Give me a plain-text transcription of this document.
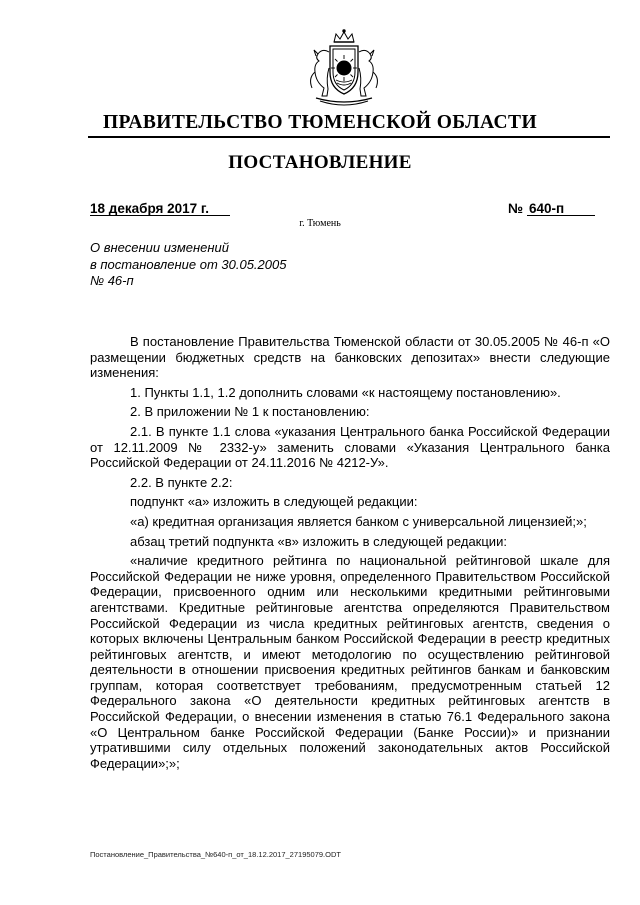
ПРАВИТЕЛЬСТВО ТЮМЕНСКОЙ ОБЛАСТИ
ПОСТАНОВЛЕНИЕ
18 декабря 2017 г.	№ 640-п
г. Тюмень
О внесении изменений
в постановление от 30.05.2005
№ 46-п

В постановление Правительства Тюменской области от 30.05.2005 № 46-п «О размещении бюджетных средств на банковских депозитах» внести следующие изменения:

1. Пункты 1.1, 1.2 дополнить словами «к настоящему постановлению».

2. В приложении № 1 к постановлению:

2.1. В пункте 1.1 слова «указания Центрального банка Российской Федерации от 12.11.2009 № 2332-у» заменить словами «Указания Центрального банка Российской Федерации от 24.11.2016 № 4212-У».

2.2. В пункте 2.2:

подпункт «а» изложить в следующей редакции:

«а) кредитная организация является банком с универсальной лицензией;»;

абзац третий подпункта «в» изложить в следующей редакции:

«наличие кредитного рейтинга по национальной рейтинговой шкале для Российской Федерации не ниже уровня, определенного Правительством Российской Федерации, присвоенного одним или несколькими кредитными рейтинговыми агентствами. Кредитные рейтинговые агентства определяются Правительством Российской Федерации из числа кредитных рейтинговых агентств, сведения о которых включены Центральным банком Российской Федерации в реестр кредитных рейтинговых агентств, и имеют методологию по осуществлению рейтинговой деятельности в отношении присвоения кредитных рейтингов банкам и банковским группам, которая соответствует требованиям, предусмотренным статьей 12 Федерального закона «О деятельности кредитных рейтинговых агентств в Российской Федерации, о внесении изменения в статью 76.1 Федерального закона «О Центральном банке Российской Федерации (Банке России)» и признании утратившими силу отдельных положений законодательных актов Российской Федерации»;»;

Постановление_Правительства_№640-п_от_18.12.2017_27195079.ODT
